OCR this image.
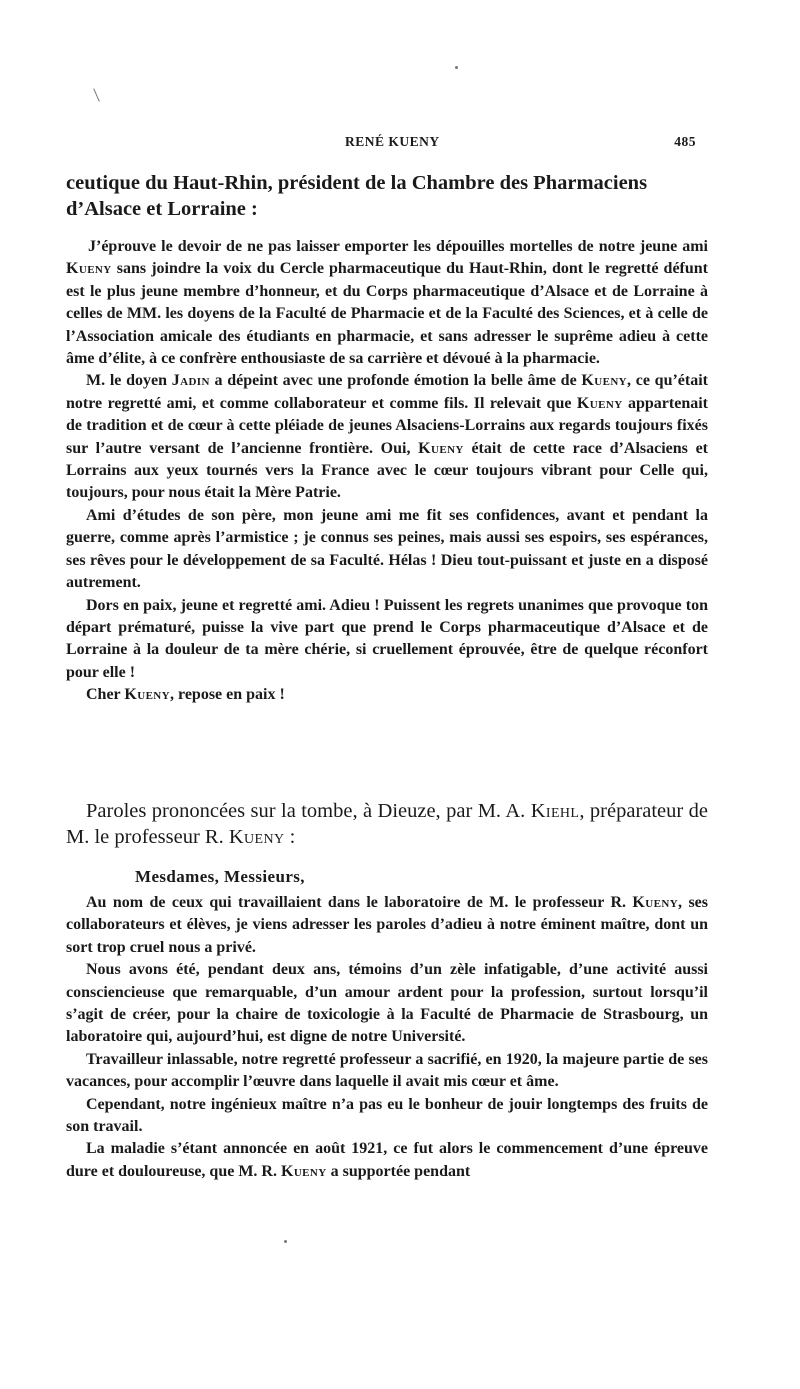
RENÉ KUENY	485

ceutique du Haut-Rhin, président de la Chambre des Pharmaciens d’Alsace et Lorraine :

J’éprouve le devoir de ne pas laisser emporter les dépouilles mortelles de notre jeune ami Kueny sans joindre la voix du Cercle pharmaceutique du Haut-Rhin, dont le regretté défunt est le plus jeune membre d’honneur, et du Corps pharmaceutique d’Alsace et de Lorraine à celles de MM. les doyens de la Faculté de Pharmacie et de la Faculté des Sciences, et à celle de l’Association amicale des étudiants en pharmacie, et sans adresser le suprême adieu à cette âme d’élite, à ce confrère enthousiaste de sa carrière et dévoué à la pharmacie.

M. le doyen Jadin a dépeint avec une profonde émotion la belle âme de Kueny, ce qu’était notre regretté ami, et comme collaborateur et comme fils. Il relevait que Kueny appartenait de tradition et de cœur à cette pléiade de jeunes Alsaciens-Lorrains aux regards toujours fixés sur l’autre versant de l’ancienne frontière. Oui, Kueny était de cette race d’Alsaciens et Lorrains aux yeux tournés vers la France avec le cœur toujours vibrant pour Celle qui, toujours, pour nous était la Mère Patrie.

Ami d’études de son père, mon jeune ami me fit ses confidences, avant et pendant la guerre, comme après l’armistice ; je connus ses peines, mais aussi ses espoirs, ses espérances, ses rêves pour le développement de sa Faculté. Hélas ! Dieu tout-puissant et juste en a disposé autrement.

Dors en paix, jeune et regretté ami. Adieu ! Puissent les regrets unanimes que provoque ton départ prématuré, puisse la vive part que prend le Corps pharmaceutique d’Alsace et de Lorraine à la douleur de ta mère chérie, si cruellement éprouvée, être de quelque réconfort pour elle !

Cher Kueny, repose en paix !

Paroles prononcées sur la tombe, à Dieuze, par M. A. Kiehl, préparateur de M. le professeur R. Kueny :

Mesdames, Messieurs,

Au nom de ceux qui travaillaient dans le laboratoire de M. le professeur R. Kueny, ses collaborateurs et élèves, je viens adresser les paroles d’adieu à notre éminent maître, dont un sort trop cruel nous a privé.

Nous avons été, pendant deux ans, témoins d’un zèle infatigable, d’une activité aussi consciencieuse que remarquable, d’un amour ardent pour la profession, surtout lorsqu’il s’agit de créer, pour la chaire de toxicologie à la Faculté de Pharmacie de Strasbourg, un laboratoire qui, aujourd’hui, est digne de notre Université.

Travailleur inlassable, notre regretté professeur a sacrifié, en 1920, la majeure partie de ses vacances, pour accomplir l’œuvre dans laquelle il avait mis cœur et âme.

Cependant, notre ingénieux maître n’a pas eu le bonheur de jouir longtemps des fruits de son travail.

La maladie s’étant annoncée en août 1921, ce fut alors le commencement d’une épreuve dure et douloureuse, que M. R. Kueny a supportée pendant
